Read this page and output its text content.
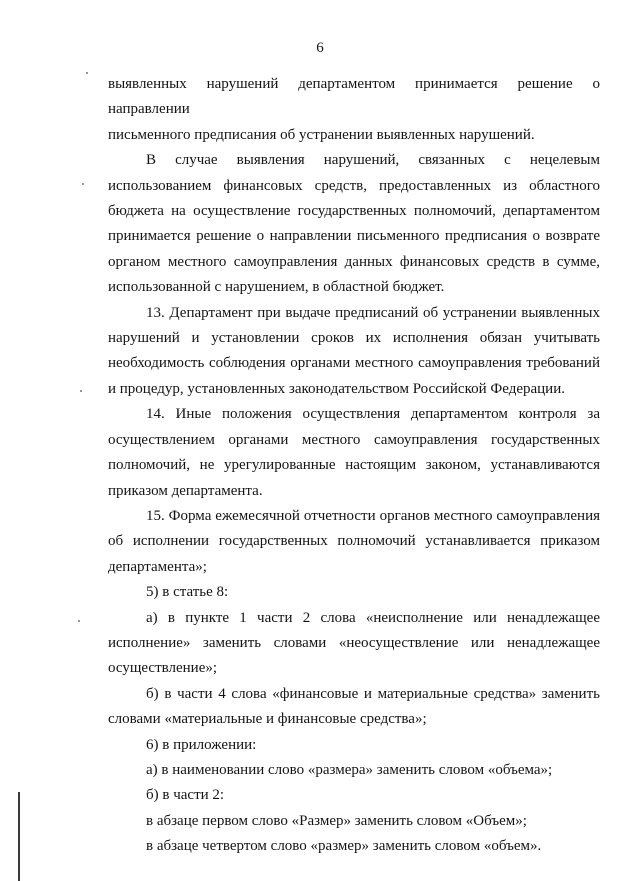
6

выявленных нарушений департаментом принимается решение о направлении

письменного предписания об устранении выявленных нарушений.

В случае выявления нарушений, связанных с нецелевым

использованием финансовых средств, предоставленных из областного

бюджета на осуществление государственных полномочий, департаментом

принимается решение о направлении письменного предписания о возврате

органом местного самоуправления данных финансовых средств в сумме,

использованной с нарушением, в областной бюджет.

13. Департамент при выдаче предписаний об устранении выявленных

нарушений и установлении сроков их исполнения обязан учитывать

необходимость соблюдения органами местного самоуправления требований

и процедур, установленных законодательством Российской Федерации.

14. Иные положения осуществления департаментом контроля за

осуществлением органами местного самоуправления государственных

полномочий, не урегулированные настоящим законом, устанавливаются

приказом департамента.

15. Форма ежемесячной отчетности органов местного самоуправления

об исполнении государственных полномочий устанавливается приказом

департамента»;

5) в статье 8:

а) в пункте 1 части 2 слова «неисполнение или ненадлежащее

исполнение» заменить словами «неосуществление или ненадлежащее

осуществление»;

б) в части 4 слова «финансовые и материальные средства» заменить

словами «материальные и финансовые средства»;

6) в приложении:

а) в наименовании слово «размера» заменить словом «объема»;

б) в части 2:

в абзаце первом слово «Размер» заменить словом «Объем»;

в абзаце четвертом слово «размер» заменить словом «объем».
